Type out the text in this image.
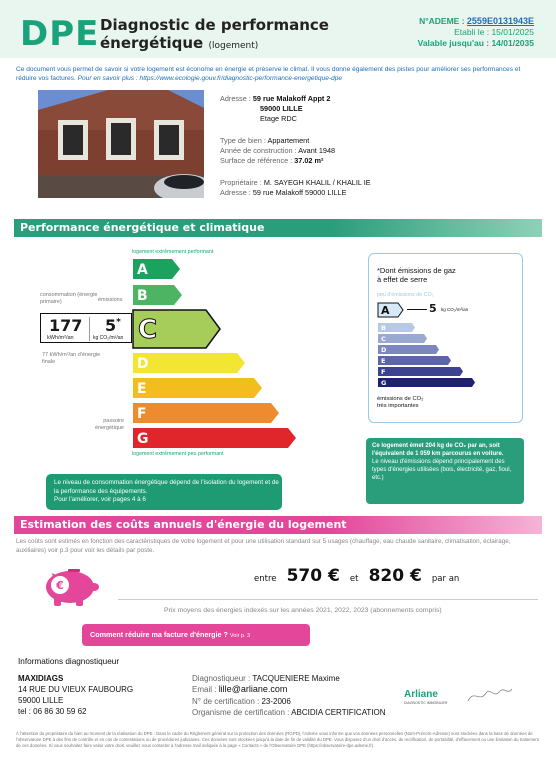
DPE Diagnostic de performance
énergétique (logement)
N°ADEME : 2559E0131943E
Etabli le : 15/01/2025
Valable jusqu'au : 14/01/2035
Ce document vous permet de savoir si votre logement est économe en énergie et préserve le climat. Il vous donne également des pistes pour améliorer ses performances et réduire vos factures. Pour en savoir plus : https://www.ecologie.gouv.fr/diagnostic-performance-energetique-dpe
Adresse : 59 rue Malakoff Appt 2
59000 LILLE
Etage RDC
Type de bien : Appartement
Année de construction : Avant 1948
Surface de référence : 37.02 m²
Propriétaire : M. SAYEGH KHALIL / KHALIL IE
Adresse : 59 rue Malakoff 59000 LILLE
Performance énergétique et climatique
logement extrêmement performant
A
B
C
D
E
F
G
logement extrêmement peu performant
consommation (énergie primaire)	émissions
177
kWh/m²/an
5*
kg CO₂/m²/an
77 kWh/m²/an d'énergie finale
passoire énergétique
*Dont émissions de gaz
à effet de serre
peu d'émissions de CO₂
A
B
C
D
E
F
G
5 kg CO₂/m²/an
émissions de CO₂
très importantes
Le niveau de consommation énergétique dépend de l'isolation du logement et de la performance des équipements.
Pour l'améliorer, voir pages 4 à 6
Ce logement émet 204 kg de CO₂ par an, soit l'équivalent de 1 059 km parcourus en voiture.
Le niveau d'émissions dépend principalement des types d'énergies utilisées (bois, électricité, gaz, fioul, etc.)
Estimation des coûts annuels d'énergie du logement
Les coûts sont estimés en fonction des caractéristiques de votre logement et pour une utilisation standard sur 5 usages (chauffage, eau chaude sanitaire, climatisation, éclairage, auxiliaires) voir p.3 pour voir les détails par poste.
€	entre 570 € et 820 € par an
Prix moyens des énergies indexés sur les années 2021, 2022, 2023 (abonnements compris)
Comment réduire ma facture d'énergie ? Voir p. 3
Informations diagnostiqueur
MAXIDIAGS
14 RUE DU VIEUX FAUBOURG
59000 LILLE
tel : 06 86 30 59 62
Diagnostiqueur : TACQUENIERE Maxime
Email : lille@arliane.com
N° de certification : 23-2006
Organisme de certification : ABCIDIA CERTIFICATION
Arliane
DIAGNOSTIC IMMOBILIER
À l'attention du propriétaire du bien au moment de la réalisation du DPE : Dans le cadre du Règlement général sur la protection des données (RGPD), l'Ademe vous informe que vos données personnelles (Nom-Prénom-Adresse) sont stockées dans la base de données de l'observatoire DPE à des fins de contrôle et en cas de contestations ou de procédures judiciaires. Ces données sont stockées jusqu'à la date de fin de validité du DPE. Vous disposez d'un droit d'accès, de rectification, de portabilité, d'effacement ou une limitation du traitement de ces données. Si vous souhaitez faire valoir votre droit, veuillez nous contacter à l'adresse mail indiquée à la page « Contacts » de l'Observatoire DPE (https://observatoire-dpe.ademe.fr).
